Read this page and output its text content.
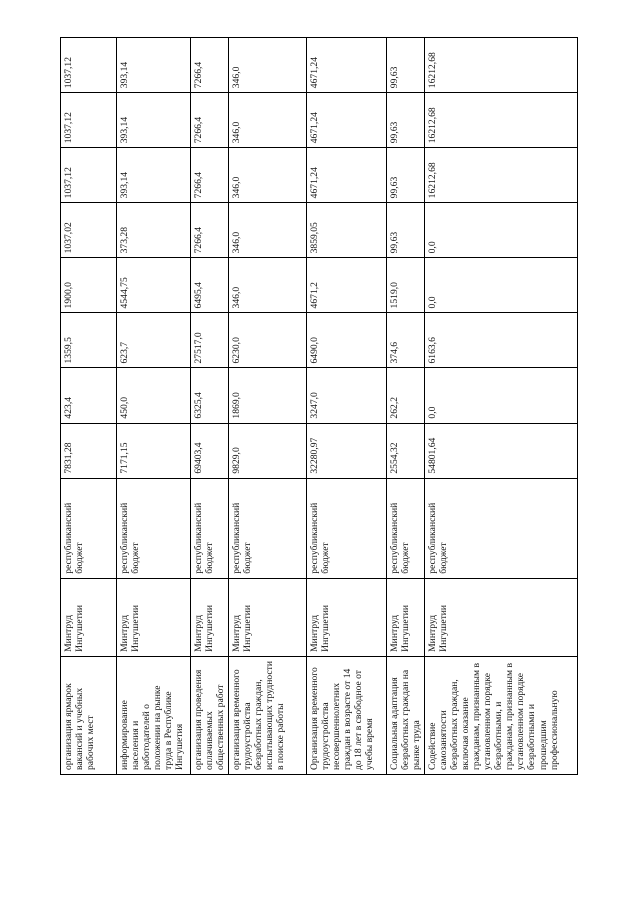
организация ярмарок вакансий и учебных рабочих мест	Минтруд Ингушетии	республиканский бюджет	7831,28	423,4	1359,5	1900,0	1037,02	1037,12	1037,12	1037,12
информирование населения и работодателей о положении на рынке труда в Республике Ингушетия	Минтруд Ингушетии	республиканский бюджет	7171,15	450,0	623,7	4544,75	373,28	393,14	393,14	393,14
организация проведения оплачиваемых общественных работ	Минтруд Ингушетии	республиканский бюджет	69403,4	6325,4	27517,0	6495,4	7266,4	7266,4	7266,4	7266,4
организация временного трудоустройства безработных граждан, испытывающих трудности в поиске работы	Минтруд Ингушетии	республиканский бюджет	9829,0	1869,0	6230,0	346,0	346,0	346,0	346,0	346,0
Организация временного трудоустройства несовершеннолетних граждан в возрасте от 14 до 18 лет в свободное от учебы время	Минтруд Ингушетии	республиканский бюджет	32280,97	3247,0	6490,0	4671,2	3859,05	4671,24	4671,24	4671,24
Социальная адаптация безработных граждан на рынке труда	Минтруд Ингушетии	республиканский бюджет	2554,32	262,2	374,6	1519,0	99,63	99,63	99,63	99,63
Содействие самозанятости безработных граждан, включая оказание гражданам, признанным в установленном порядке безработными, и гражданам, признанным в установленном порядке безработными и прошедшим профессиональную	Минтруд Ингушетии	республиканский бюджет	54801,64	0,0	6163,6	0,0	0,0	16212,68	16212,68	16212,68
